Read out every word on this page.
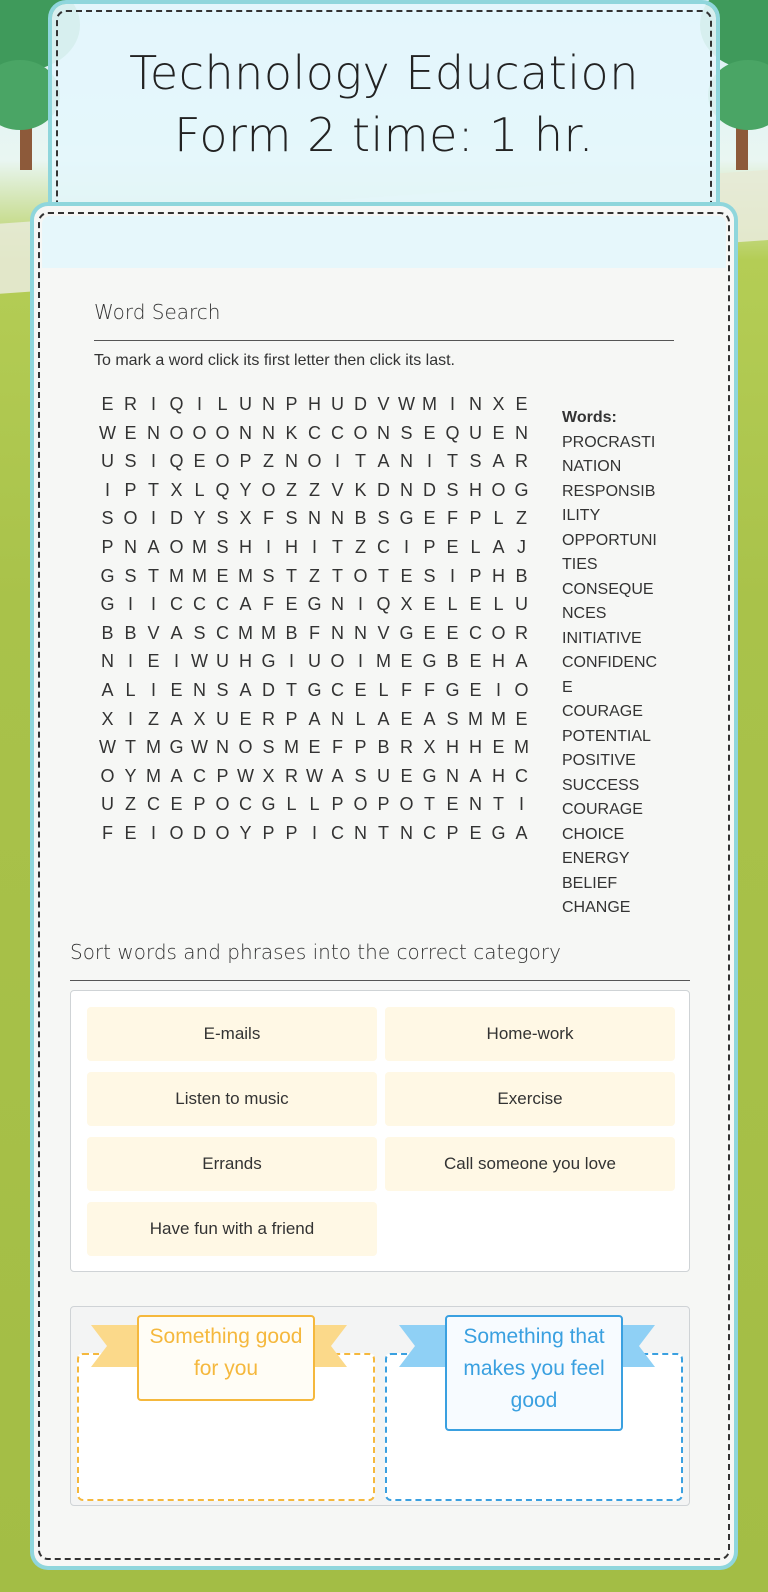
Technology Education
Form 2 time: 1 hr.
Word Search
To mark a word click its first letter then click its last.
E R I Q I L U N P H U D V W M I N X E
W E N O O O N N K C C O N S E Q U E N
U S I Q E O P Z N O I T A N I T S A R
I P T X L Q Y O Z Z V K D N D S H O G
S O I D Y S X F S N N B S G E F P L Z
P N A O M S H I H I T Z C I P E L A J
G S T M M E M S T Z T O T E S I P H B
G I I C C C A F E G N I Q X E L E L U
B B V A S C M M B F N N V G E E C O R
N I E I W U H G I U O I M E G B E H A
A L I E N S A D T G C E L F F G E I O
X I Z A X U E R P A N L A E A S M M E
W T M G W N O S M E F P B R X H H E M
O Y M A C P W X R W A S U E G N A H C
U Z C E P O C G L L P O P O T E N T I
F E I O D O Y P P I C N T N C P E G A
Words:
PROCRASTINATION
RESPONSIBILITY
OPPORTUNITIES
CONSEQUENCES
INITIATIVE
CONFIDENCE
COURAGE
POTENTIAL
POSITIVE
SUCCESS
COURAGE
CHOICE
ENERGY
BELIEF
CHANGE
Sort words and phrases into the correct category
E-mails	Home-work
Listen to music	Exercise
Errands	Call someone you love
Have fun with a friend
Something good for you
Something that makes you feel good
